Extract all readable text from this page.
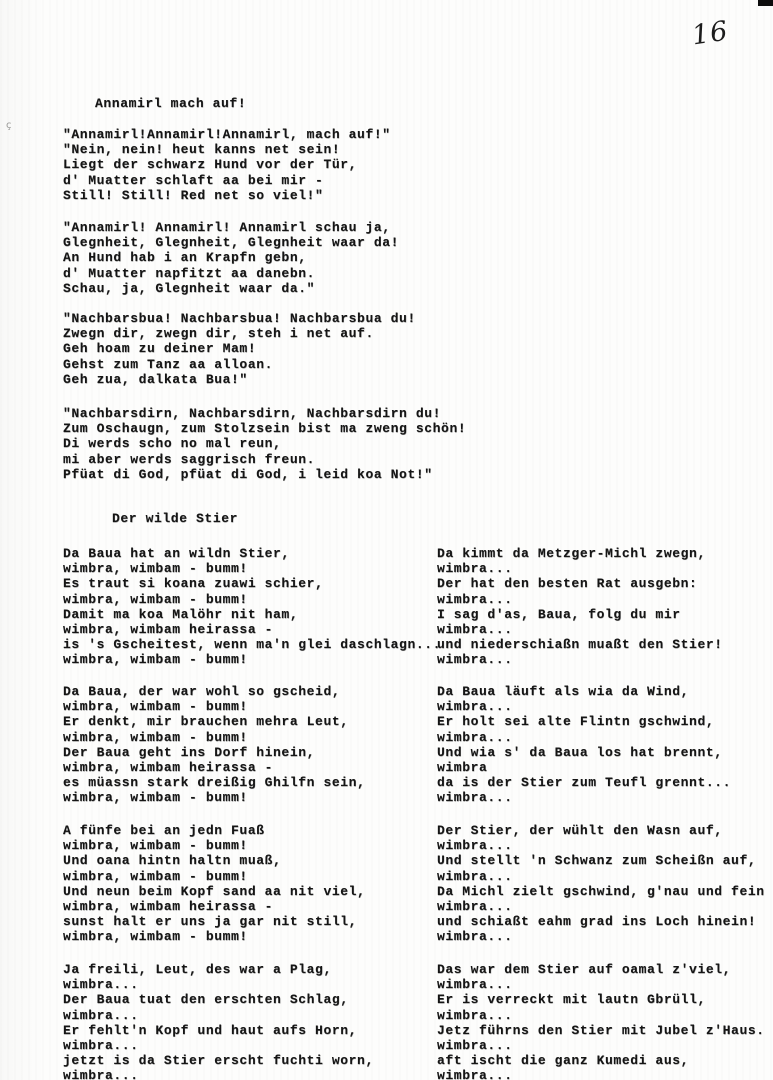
16
ç
Annamirl mach auf!
"Annamirl!Annamirl!Annamirl, mach auf!"
"Nein, nein! heut kanns net sein!
Liegt der schwarz Hund vor der Tür,
d' Muatter schlaft aa bei mir -
Still! Still! Red net so viel!"
"Annamirl! Annamirl! Annamirl schau ja,
Glegnheit, Glegnheit, Glegnheit waar da!
An Hund hab i an Krapfn gebn,
d' Muatter napfitzt aa danebn.
Schau, ja, Glegnheit waar da."
"Nachbarsbua! Nachbarsbua! Nachbarsbua du!
Zwegn dir, zwegn dir, steh i net auf.
Geh hoam zu deiner Mam!
Gehst zum Tanz aa alloan.
Geh zua, dalkata Bua!"
"Nachbarsdirn, Nachbarsdirn, Nachbarsdirn du!
Zum Oschaugn, zum Stolzsein bist ma zweng schön!
Di werds scho no mal reun,
mi aber werds saggrisch freun.
Pfüat di God, pfüat di God, i leid koa Not!"
Der wilde Stier
Da Baua hat an wildn Stier,
wimbra, wimbam - bumm!
Es traut si koana zuawi schier,
wimbra, wimbam - bumm!
Damit ma koa Malöhr nit ham,
wimbra, wimbam heirassa -
is 's Gscheitest, wenn ma'n glei daschlagn...
wimbra, wimbam - bumm!
Da Baua, der war wohl so gscheid,
wimbra, wimbam - bumm!
Er denkt, mir brauchen mehra Leut,
wimbra, wimbam - bumm!
Der Baua geht ins Dorf hinein,
wimbra, wimbam heirassa -
es müassn stark dreißig Ghilfn sein,
wimbra, wimbam - bumm!
A fünfe bei an jedn Fuaß
wimbra, wimbam - bumm!
Und oana hintn haltn muaß,
wimbra, wimbam - bumm!
Und neun beim Kopf sand aa nit viel,
wimbra, wimbam heirassa -
sunst halt er uns ja gar nit still,
wimbra, wimbam - bumm!
Ja freili, Leut, des war a Plag,
wimbra...
Der Baua tuat den erschten Schlag,
wimbra...
Er fehlt'n Kopf und haut aufs Horn,
wimbra...
jetzt is da Stier erscht fuchti worn,
wimbra...
Da kimmt da Metzger-Michl zwegn,
wimbra...
Der hat den besten Rat ausgebn:
wimbra...
I sag d'as, Baua, folg du mir
wimbra...
und niederschiaßn muaßt den Stier!
wimbra...
Da Baua läuft als wia da Wind,
wimbra...
Er holt sei alte Flintn gschwind,
wimbra...
Und wia s' da Baua los hat brennt,
wimbra
da is der Stier zum Teufl grennt...
wimbra...
Der Stier, der wühlt den Wasn auf,
wimbra...
Und stellt 'n Schwanz zum Scheißn auf,
wimbra...
Da Michl zielt gschwind, g'nau und fein
wimbra...
und schiaßt eahm grad ins Loch hinein!
wimbra...
Das war dem Stier auf oamal z'viel,
wimbra...
Er is verreckt mit lautn Gbrüll,
wimbra...
Jetz führns den Stier mit Jubel z'Haus.
wimbra...
aft ischt die ganz Kumedi aus,
wimbra...
